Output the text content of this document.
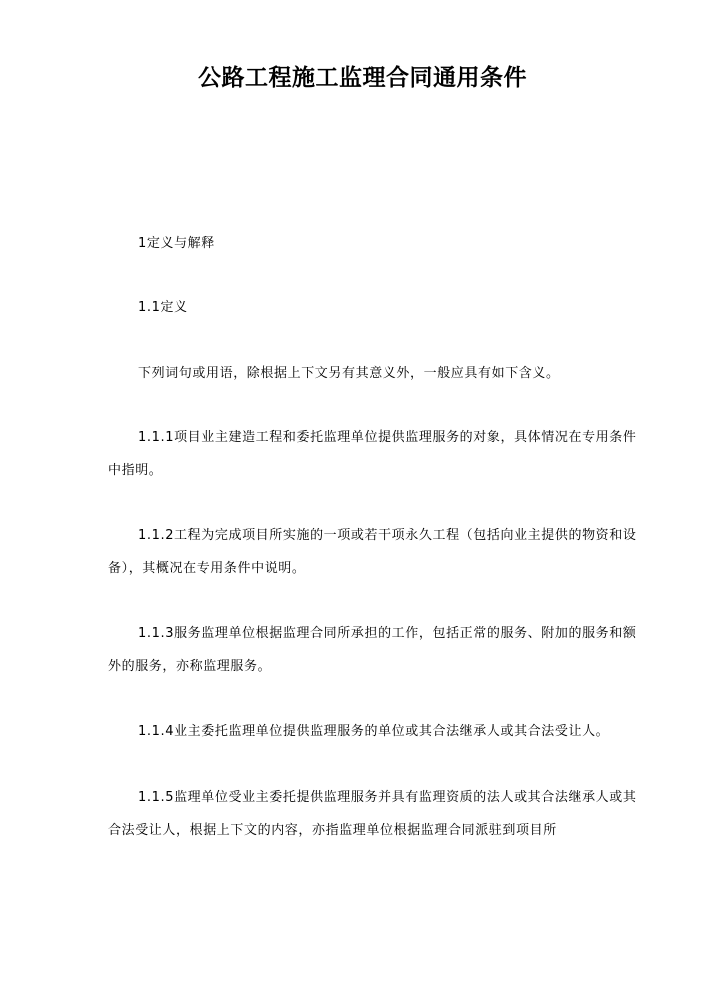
公路工程施工监理合同通用条件
1定义与解释
1.1定义
下列词句或用语，除根据上下文另有其意义外，一般应具有如下含义。
1.1.1项目业主建造工程和委托监理单位提供监理服务的对象，具体情况在专用条件中指明。
1.1.2工程为完成项目所实施的一项或若干项永久工程（包括向业主提供的物资和设备），其概况在专用条件中说明。
1.1.3服务监理单位根据监理合同所承担的工作，包括正常的服务、附加的服务和额外的服务，亦称监理服务。
1.1.4业主委托监理单位提供监理服务的单位或其合法继承人或其合法受让人。
1.1.5监理单位受业主委托提供监理服务并具有监理资质的法人或其合法继承人或其合法受让人，根据上下文的内容，亦指监理单位根据监理合同派驻到项目所
